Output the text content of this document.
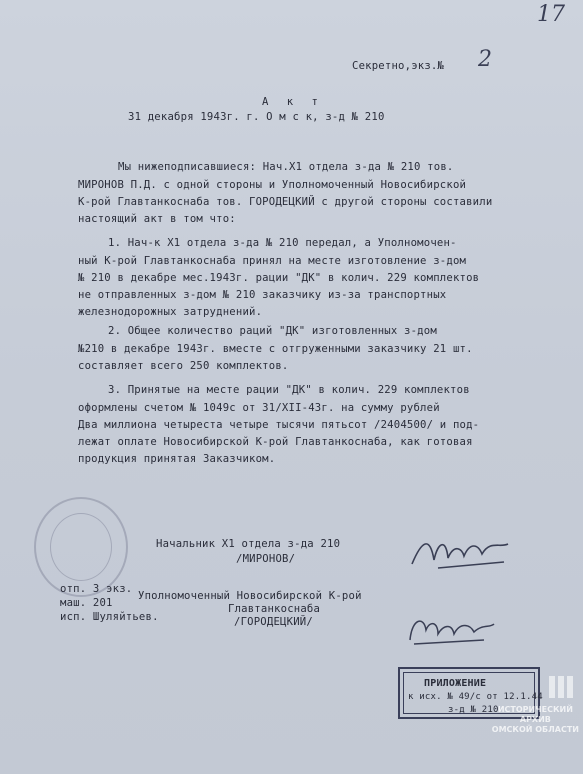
17
Секретно,экз.№ 2
А к т
31 декабря 1943г. г. О м с к, з-д № 210
Мы нижеподписавшиеся: Нач.Х1 отдела з-да № 210 тов.
МИРОНОВ П.Д. с одной стороны и Уполномоченный Новосибирской
К-рой Главтанкоснаба тов. ГОРОДЕЦКИЙ с другой стороны составили
настоящий акт в том что:
1. Нач-к Х1 отдела з-да № 210 передал, а Уполномочен-
ный К-рой Главтанкоснаба принял на месте изготовление з-дом
№ 210 в декабре мес.1943г. рации "ДК" в колич. 229 комплектов
не отправленных з-дом № 210 заказчику из-за транспортных
железнодорожных затруднений.
2. Общее количество раций "ДК" изготовленных з-дом
№210 в декабре 1943г. вместе с отгруженными заказчику 21 шт.
составляет всего 250 комплектов.
3. Принятые на месте рации "ДК" в колич. 229 комплектов
оформлены счетом № 1049с от 31/XII-43г. на сумму рублей
Два миллиона четыреста четыре тысячи пятьсот /2404500/ и под-
лежат оплате Новосибирской К-рой Главтанкоснаба, как готовая
продукция принятая Заказчиком.
Начальник Х1 отдела з-да 210
/МИРОНОВ/
отп. 3 экз.
маш. 201
исп. Шуляйтьев.
Уполномоченный Новосибирской К-рой
Главтанкоснаба
/ГОРОДЕЦКИЙ/
ПРИЛОЖЕНИЕ
к исх. № 49/с от 12.1.44
з-д № 210 ИСТОРИЧЕСКИЙ
АРХИВ
ОМСКОЙ ОБЛАСТИ
